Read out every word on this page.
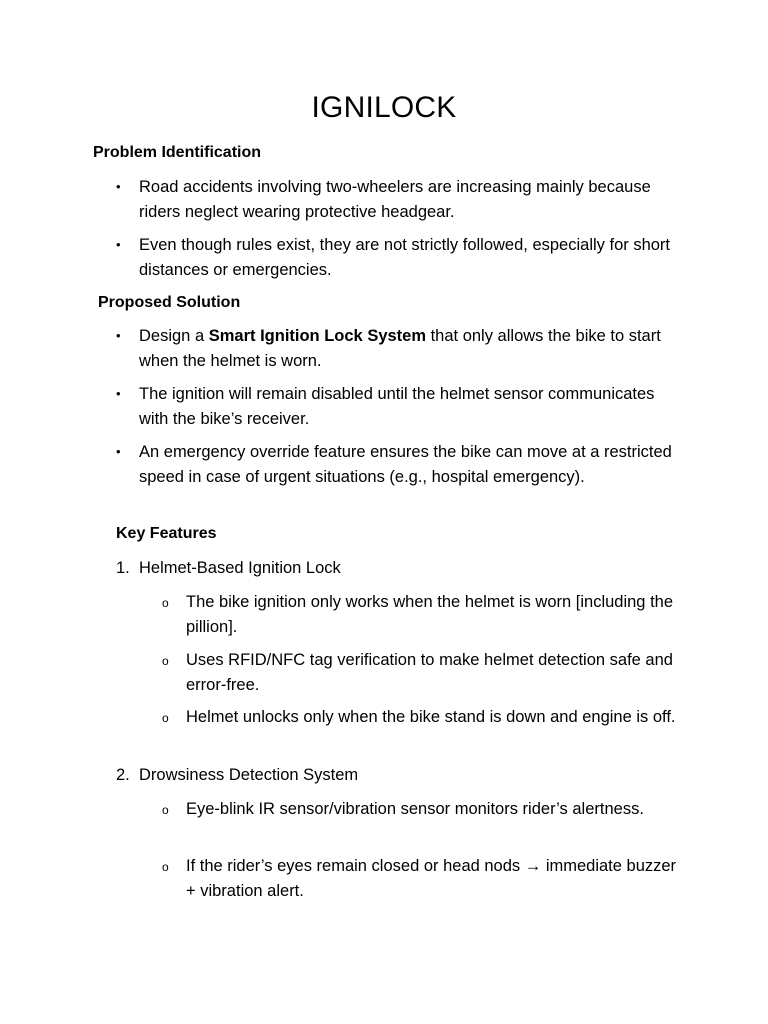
IGNILOCK
Problem Identification
• Road accidents involving two-wheelers are increasing mainly because riders neglect wearing protective headgear.
• Even though rules exist, they are not strictly followed, especially for short distances or emergencies.
Proposed Solution
• Design a Smart Ignition Lock System that only allows the bike to start when the helmet is worn.
• The ignition will remain disabled until the helmet sensor communicates with the bike’s receiver.
• An emergency override feature ensures the bike can move at a restricted speed in case of urgent situations (e.g., hospital emergency).
Key Features
1. Helmet-Based Ignition Lock
o The bike ignition only works when the helmet is worn [including the pillion].
o Uses RFID/NFC tag verification to make helmet detection safe and error-free.
o Helmet unlocks only when the bike stand is down and engine is off.
2. Drowsiness Detection System
o Eye-blink IR sensor/vibration sensor monitors rider’s alertness.
o If the rider’s eyes remain closed or head nods → immediate buzzer + vibration alert.
